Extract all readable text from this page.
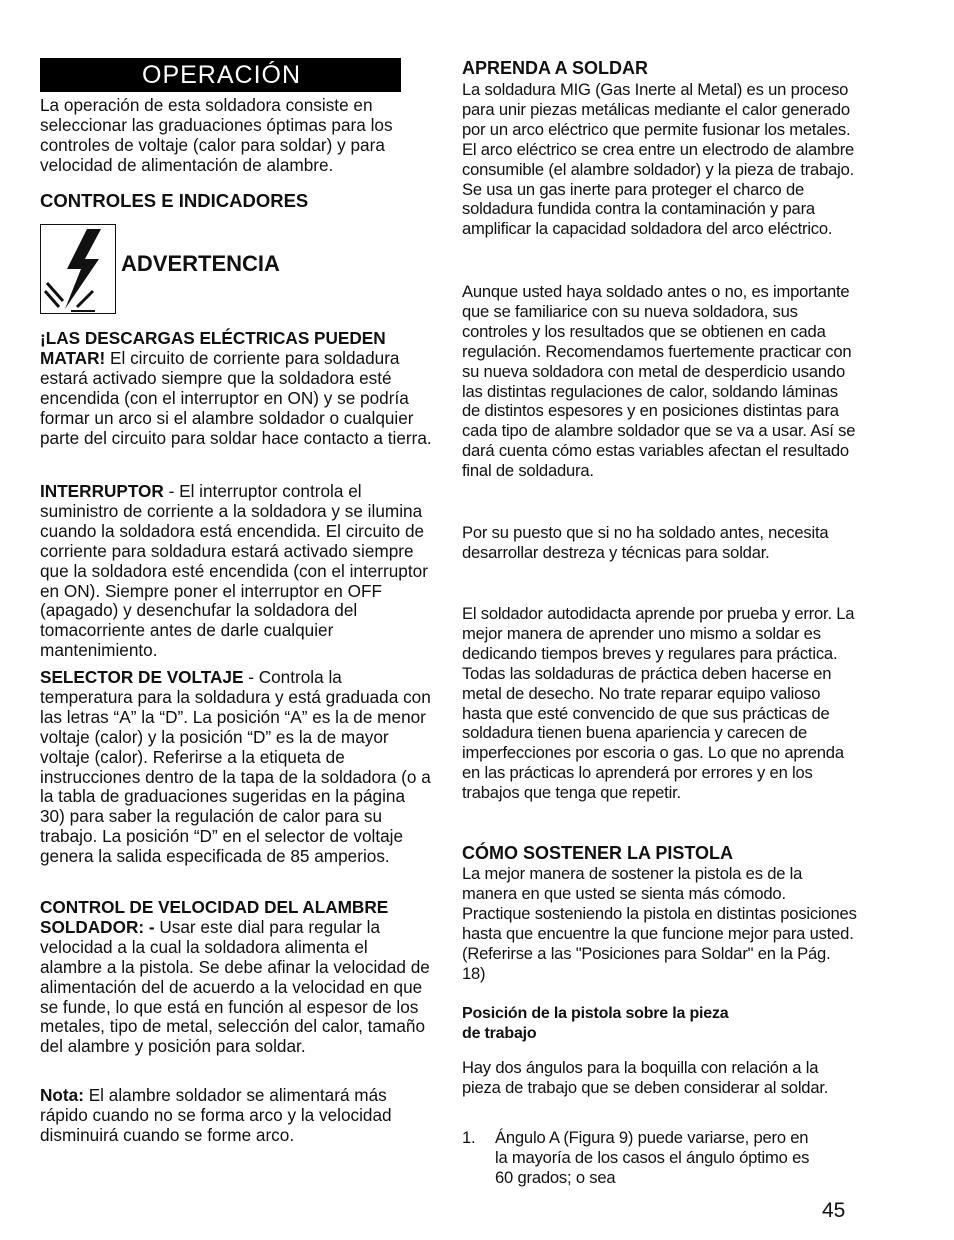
OPERACIÓN

La operación de esta soldadora consiste en seleccionar las graduaciones óptimas para los controles de voltaje (calor para soldar) y para velocidad de alimentación de alambre.

CONTROLES E INDICADORES

¡LAS DESCARGAS ELÉCTRICAS PUEDEN MATAR! El circuito de corriente para soldadura estará activado siempre que la soldadora esté encendida (con el interruptor en ON) y se podría formar un arco si el alambre soldador o cualquier parte del circuito para soldar hace contacto a tierra.

INTERRUPTOR - El interruptor controla el suministro de corriente a la soldadora y se ilumina cuando la soldadora está encendida. El circuito de corriente para soldadura estará activado siempre que la soldadora esté encendida (con el interruptor en ON). Siempre poner el interruptor en OFF (apagado) y desenchufar la soldadora del tomacorriente antes de darle cualquier mantenimiento.

SELECTOR DE VOLTAJE - Controla la temperatura para la soldadura y está graduada con las letras “A” la “D”. La posición “A” es la de menor voltaje (calor) y la posición “D” es la de mayor voltaje (calor). Referirse a la etiqueta de instrucciones dentro de la tapa de la soldadora (o a la tabla de graduaciones sugeridas en la página 30) para saber la regulación de calor para su trabajo. La posición “D” en el selector de voltaje genera la salida especificada de 85 amperios.

CONTROL DE VELOCIDAD DEL ALAMBRE SOLDADOR: - Usar este dial para regular la velocidad a la cual la soldadora alimenta el alambre a la pistola. Se debe afinar la velocidad de alimentación del de acuerdo a la velocidad en que se funde, lo que está en función al espesor de los metales, tipo de metal, selección del calor, tamaño del alambre y posición para soldar.

Nota: El alambre soldador se alimentará más rápido cuando no se forma arco y la velocidad disminuirá cuando se forme arco.

ADVERTENCIA
APRENDA A SOLDAR

La soldadura MIG (Gas Inerte al Metal) es un proceso para unir piezas metálicas mediante el calor generado por un arco eléctrico que permite fusionar los metales. El arco eléctrico se crea entre un electrodo de alambre consumible (el alambre soldador) y la pieza de trabajo. Se usa un gas inerte para proteger el charco de soldadura fundida contra la contaminación y para amplificar la capacidad soldadora del arco eléctrico.

Aunque usted haya soldado antes o no, es importante que se familiarice con su nueva soldadora, sus controles y los resultados que se obtienen en cada regulación. Recomendamos fuertemente practicar con su nueva soldadora con metal de desperdicio usando las distintas regulaciones de calor, soldando láminas de distintos espesores y en posiciones distintas para cada tipo de alambre soldador que se va a usar. Así se dará cuenta cómo estas variables afectan el resultado final de soldadura.

Por su puesto que si no ha soldado antes, necesita desarrollar destreza y técnicas para soldar.

El soldador autodidacta aprende por prueba y error. La mejor manera de aprender uno mismo a soldar es dedicando tiempos breves y regulares para práctica. Todas las soldaduras de práctica deben hacerse en metal de desecho. No trate reparar equipo valioso hasta que esté convencido de que sus prácticas de soldadura tienen buena apariencia y carecen de imperfecciones por escoria o gas. Lo que no aprenda en las prácticas lo aprenderá por errores y en los trabajos que tenga que repetir.

CÓMO SOSTENER LA PISTOLA

La mejor manera de sostener la pistola es de la manera en que usted se sienta más cómodo. Practique sosteniendo la pistola en distintas posiciones hasta que encuentre la que funcione mejor para usted. (Referirse a las "Posiciones para Soldar" en la Pág. 18)

Posición de la pistola sobre la pieza de trabajo

Hay dos ángulos para la boquilla con relación a la pieza de trabajo que se deben considerar al soldar.

1.	Ángulo A (Figura 9) puede variarse, pero en la mayoría de los casos el ángulo óptimo es 60 grados; o sea

45
